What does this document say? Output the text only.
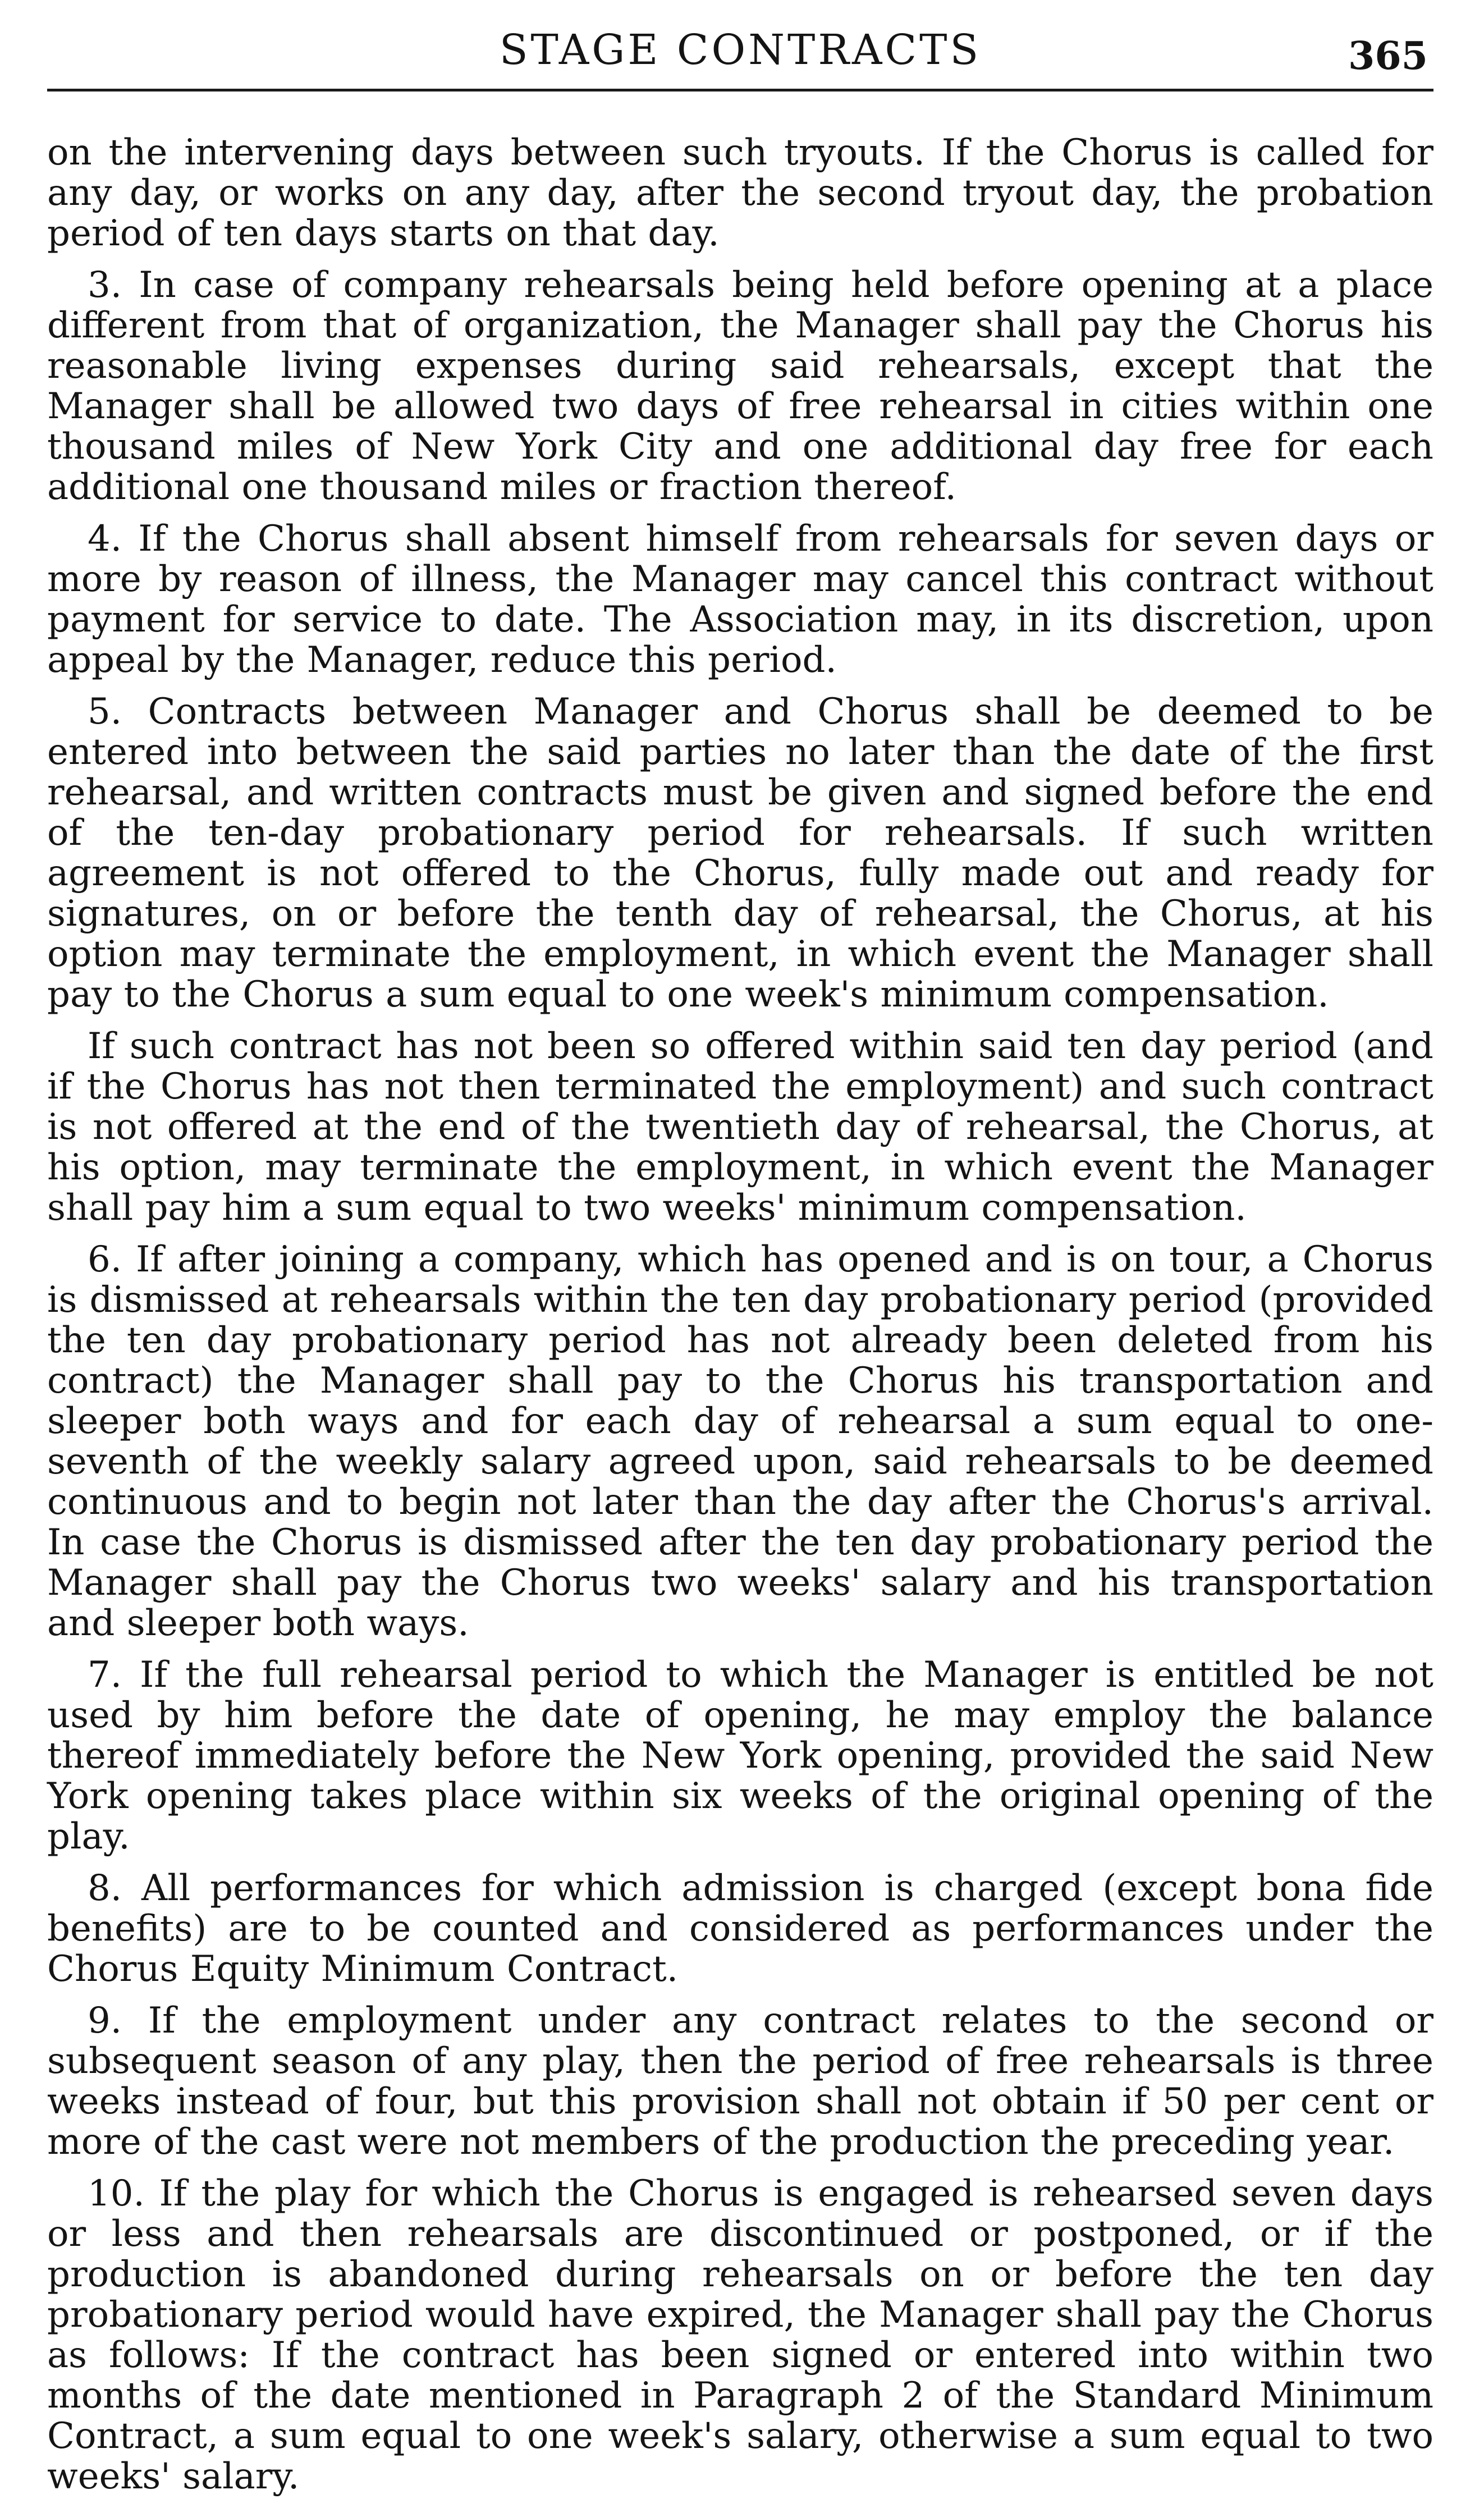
STAGE CONTRACTS	365

on the intervening days between such tryouts. If the Chorus is called for any day, or works on any day, after the second tryout day, the probation period of ten days starts on that day.

3. In case of company rehearsals being held before opening at a place different from that of organization, the Manager shall pay the Chorus his reasonable living expenses during said rehearsals, except that the Manager shall be allowed two days of free rehearsal in cities within one thousand miles of New York City and one additional day free for each additional one thousand miles or fraction thereof.

4. If the Chorus shall absent himself from rehearsals for seven days or more by reason of illness, the Manager may cancel this contract without payment for service to date. The Association may, in its discretion, upon appeal by the Manager, reduce this period.

5. Contracts between Manager and Chorus shall be deemed to be entered into between the said parties no later than the date of the first rehearsal, and written contracts must be given and signed before the end of the ten-day probationary period for rehearsals. If such written agreement is not offered to the Chorus, fully made out and ready for signatures, on or before the tenth day of rehearsal, the Chorus, at his option may terminate the employment, in which event the Manager shall pay to the Chorus a sum equal to one week's minimum compensation.

If such contract has not been so offered within said ten day period (and if the Chorus has not then terminated the employment) and such contract is not offered at the end of the twentieth day of rehearsal, the Chorus, at his option, may terminate the employment, in which event the Manager shall pay him a sum equal to two weeks' minimum compensation.

6. If after joining a company, which has opened and is on tour, a Chorus is dismissed at rehearsals within the ten day probationary period (provided the ten day probationary period has not already been deleted from his contract) the Manager shall pay to the Chorus his transportation and sleeper both ways and for each day of rehearsal a sum equal to one-seventh of the weekly salary agreed upon, said rehearsals to be deemed continuous and to begin not later than the day after the Chorus's arrival. In case the Chorus is dismissed after the ten day probationary period the Manager shall pay the Chorus two weeks' salary and his transportation and sleeper both ways.

7. If the full rehearsal period to which the Manager is entitled be not used by him before the date of opening, he may employ the balance thereof immediately before the New York opening, provided the said New York opening takes place within six weeks of the original opening of the play.

8. All performances for which admission is charged (except bona fide benefits) are to be counted and considered as performances under the Chorus Equity Minimum Contract.

9. If the employment under any contract relates to the second or subsequent season of any play, then the period of free rehearsals is three weeks instead of four, but this provision shall not obtain if 50 per cent or more of the cast were not members of the production the preceding year.

10. If the play for which the Chorus is engaged is rehearsed seven days or less and then rehearsals are discontinued or postponed, or if the production is abandoned during rehearsals on or before the ten day probationary period would have expired, the Manager shall pay the Chorus as follows: If the contract has been signed or entered into within two months of the date mentioned in Paragraph 2 of the Standard Minimum Contract, a sum equal to one week's salary, otherwise a sum equal to two weeks' salary.
